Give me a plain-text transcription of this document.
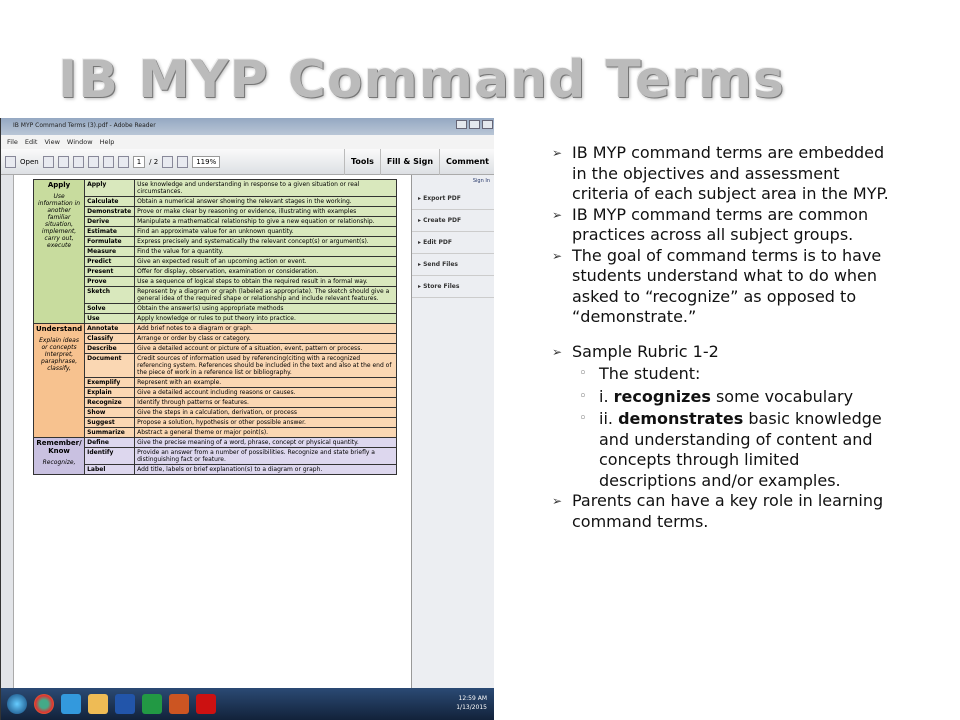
IB MYP Command Terms
IB MYP Command Terms (3).pdf - Adobe Reader
File Edit View Window Help
Open	1	/ 2	119%	Tools	Fill & Sign	Comment
Apply
Use information in another familiar situation, implement, carry out, execute	Apply	Use knowledge and understanding in response to a given situation or real circumstances.
	Calculate	Obtain a numerical answer showing the relevant stages in the working.
	Demonstrate	Prove or make clear by reasoning or evidence, illustrating with examples
	Derive	Manipulate a mathematical relationship to give a new equation or relationship.
	Estimate	Find an approximate value for an unknown quantity.
	Formulate	Express precisely and systematically the relevant concept(s) or argument(s).
	Measure	Find the value for a quantity.
	Predict	Give an expected result of an upcoming action or event.
	Present	Offer for display, observation, examination or consideration.
	Prove	Use a sequence of logical steps to obtain the required result in a formal way.
	Sketch	Represent by a diagram or graph (labeled as appropriate). The sketch should give a general idea of the required shape or relationship and include relevant features.
	Solve	Obtain the answer(s) using appropriate methods
	Use	Apply knowledge or rules to put theory into practice.

Understand
Explain ideas or concepts Interpret, paraphrase, classify,	Annotate	Add brief notes to a diagram or graph.
	Classify	Arrange or order by class or category.
	Describe	Give a detailed account or picture of a situation, event, pattern or process.
	Document	Credit sources of information used by referencing(citing with a recognized referencing system. References should be included in the text and also at the end of the piece of work in a reference list or bibliography.
	Exemplify	Represent with an example.
	Explain	Give a detailed account including reasons or causes.
	Recognize	Identify through patterns or features.
	Show	Give the steps in a calculation, derivation, or process
	Suggest	Propose a solution, hypothesis or other possible answer.
	Summarize	Abstract a general theme or major point(s).

Remember/ Know
Recognize,	Define	Give the precise meaning of a word, phrase, concept or physical quantity.
	Identify	Provide an answer from a number of possibilities. Recognize and state briefly a distinguishing fact or feature.
	Label	Add title, labels or brief explanation(s) to a diagram or graph.
Sign In
▸ Export PDF
▸ Create PDF
▸ Edit PDF
▸ Send Files
▸ Store Files
12:59 AM
1/13/2015
➢ IB MYP command terms are embedded in the objectives and assessment criteria of each subject area in the MYP.
➢ IB MYP command terms are common practices across all subject groups.
➢ The goal of command terms is to have students understand what to do when asked to “recognize” as opposed to “demonstrate.”
➢ Sample Rubric 1-2
◦ The student:
◦ i. recognizes some vocabulary
◦ ii. demonstrates basic knowledge and understanding of content and concepts through limited descriptions and/or examples.
➢ Parents can have a key role in learning command terms.
